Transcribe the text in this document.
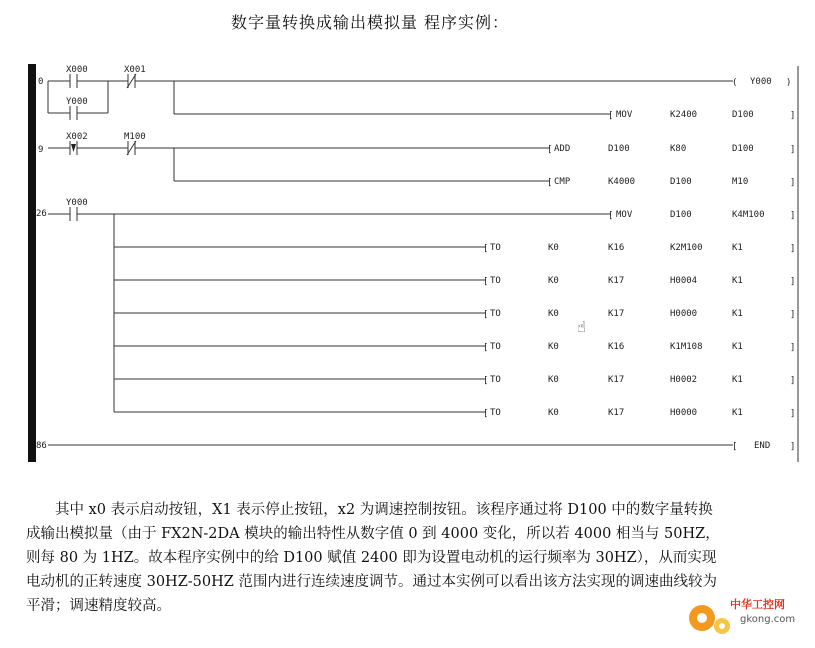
数字量转换成输出模拟量 程序实例：
0
9
26
86
X000	X001
Y000
( Y000 )
[ MOV	K2400	D100	]
X002	M100
[ ADD	D100	K80	D100	]
[ CMP	K4000	D100	M10	]
Y000
[ MOV	D100	K4M100	]
[ TO	K0	K16	K2M100	K1	]
[ TO	K0	K17	H0004	K1	]
[ TO	K0	K17	H0000	K1	]
[ TO	K0	K16	K1M108	K1	]
[ TO	K0	K17	H0002	K1	]
[ TO	K0	K17	H0000	K1	]
[ END ]
☝

其中 x0 表示启动按钮，X1 表示停止按钮，x2 为调速控制按钮。该程序通过将 D100 中的数字量转换成输出模拟量（由于 FX2N-2DA 模块的输出特性从数字值 0 到 4000 变化，所以若 4000 相当与 50HZ，则每 80 为 1HZ。故本程序实例中的给 D100 赋值 2400 即为设置电动机的运行频率为 30HZ），从而实现电动机的正转速度 30HZ-50HZ 范围内进行连续速度调节。通过本实例可以看出该方法实现的调速曲线较为平滑；调速精度较高。	中华工控网
gkong.com
